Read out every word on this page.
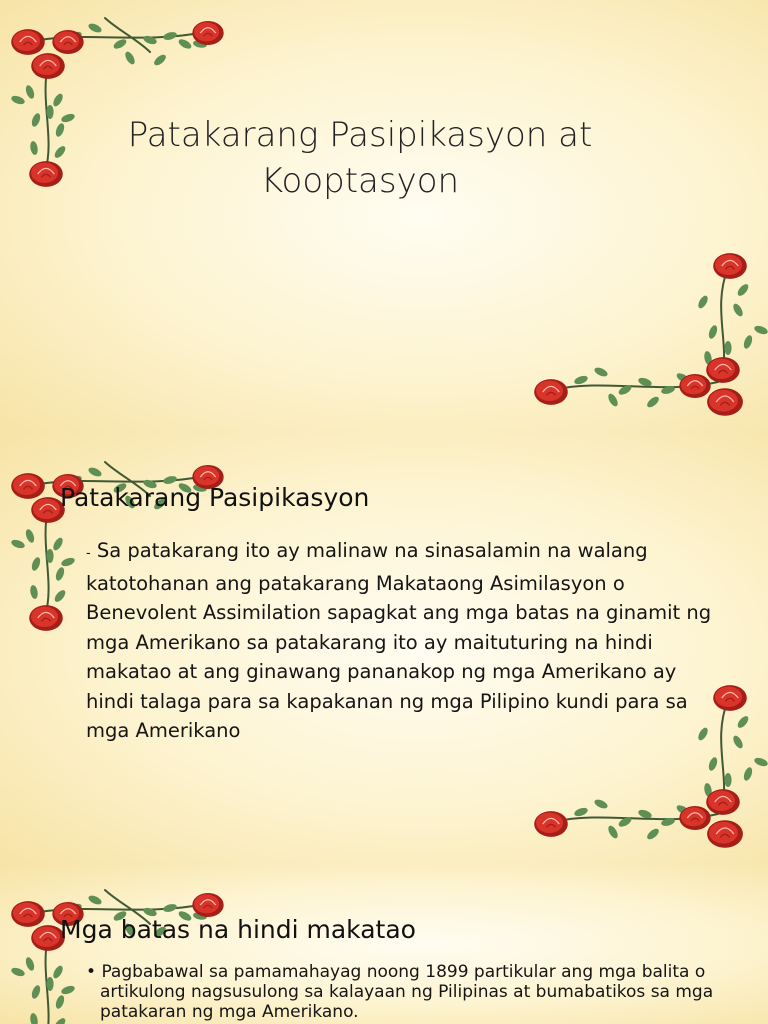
Patakarang Pasipikasyon at
Kooptasyon
Patakarang Pasipikasyon

- Sa patakarang ito ay malinaw na sinasalamin na walang katotohanan ang patakarang Makataong Asimilasyon o Benevolent Assimilation sapagkat ang mga batas na ginamit ng mga Amerikano sa patakarang ito ay maituturing na hindi makatao at ang ginawang pananakop ng mga Amerikano ay hindi talaga para sa kapakanan ng mga Pilipino kundi para sa mga Amerikano

Mga batas na hindi makatao
• Pagbabawal sa pamamahayag noong 1899 partikular ang mga balita o artikulong nagsusulong sa kalayaan ng Pilipinas at bumabatikos sa mga patakaran ng mga Amerikano.
